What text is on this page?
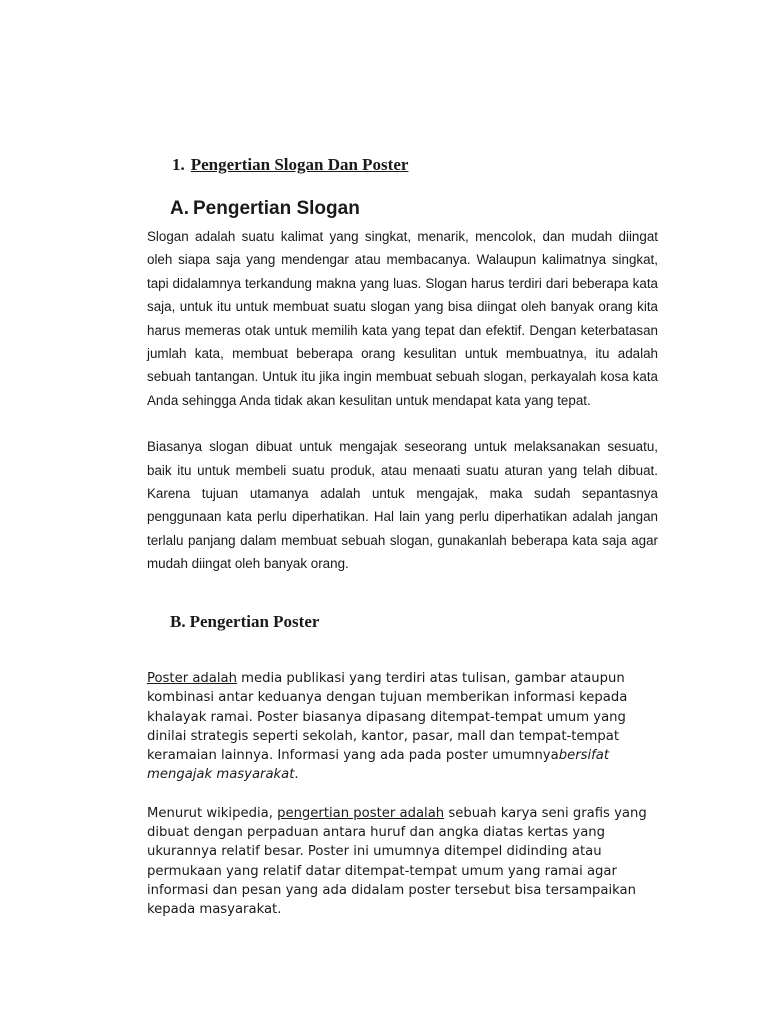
1. Pengertian Slogan Dan Poster
A. Pengertian Slogan

Slogan adalah suatu kalimat yang singkat, menarik, mencolok, dan mudah diingat oleh siapa saja yang mendengar atau membacanya. Walaupun kalimatnya singkat, tapi didalamnya terkandung makna yang luas. Slogan harus terdiri dari beberapa kata saja, untuk itu untuk membuat suatu slogan yang bisa diingat oleh banyak orang kita harus memeras otak untuk memilih kata yang tepat dan efektif. Dengan keterbatasan jumlah kata, membuat beberapa orang kesulitan untuk membuatnya, itu adalah sebuah tantangan. Untuk itu jika ingin membuat sebuah slogan, perkayalah kosa kata Anda sehingga Anda tidak akan kesulitan untuk mendapat kata yang tepat.

Biasanya slogan dibuat untuk mengajak seseorang untuk melaksanakan sesuatu, baik itu untuk membeli suatu produk, atau menaati suatu aturan yang telah dibuat. Karena tujuan utamanya adalah untuk mengajak, maka sudah sepantasnya penggunaan kata perlu diperhatikan. Hal lain yang perlu diperhatikan adalah jangan terlalu panjang dalam membuat sebuah slogan, gunakanlah beberapa kata saja agar mudah diingat oleh banyak orang.

B. Pengertian Poster

Poster adalah media publikasi yang terdiri atas tulisan, gambar ataupun kombinasi antar keduanya dengan tujuan memberikan informasi kepada khalayak ramai. Poster biasanya dipasang ditempat-tempat umum yang dinilai strategis seperti sekolah, kantor, pasar, mall dan tempat-tempat keramaian lainnya. Informasi yang ada pada poster umumnyabersifat mengajak masyarakat.

Menurut wikipedia, pengertian poster adalah sebuah karya seni grafis yang dibuat dengan perpaduan antara huruf dan angka diatas kertas yang ukurannya relatif besar. Poster ini umumnya ditempel didinding atau permukaan yang relatif datar ditempat-tempat umum yang ramai agar informasi dan pesan yang ada didalam poster tersebut bisa tersampaikan kepada masyarakat.
